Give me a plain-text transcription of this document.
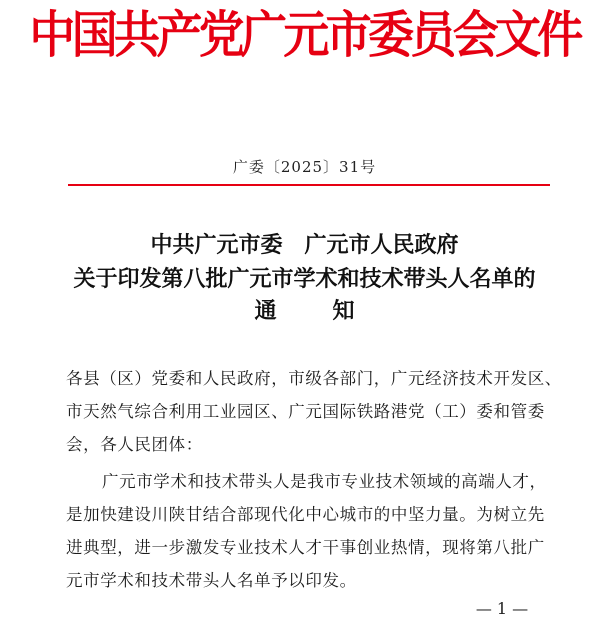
中国共产党广元市委员会文件
广委〔2025〕31号
中共广元市委　广元市人民政府
关于印发第八批广元市学术和技术带头人名单的
通	知
各县（区）党委和人民政府，市级各部门，广元经济技术开发区、
市天然气综合利用工业园区、广元国际铁路港党（工）委和管委
会，各人民团体：
广元市学术和技术带头人是我市专业技术领域的高端人才，
是加快建设川陕甘结合部现代化中心城市的中坚力量。为树立先
进典型，进一步激发专业技术人才干事创业热情，现将第八批广
元市学术和技术带头人名单予以印发。
— 1 —
